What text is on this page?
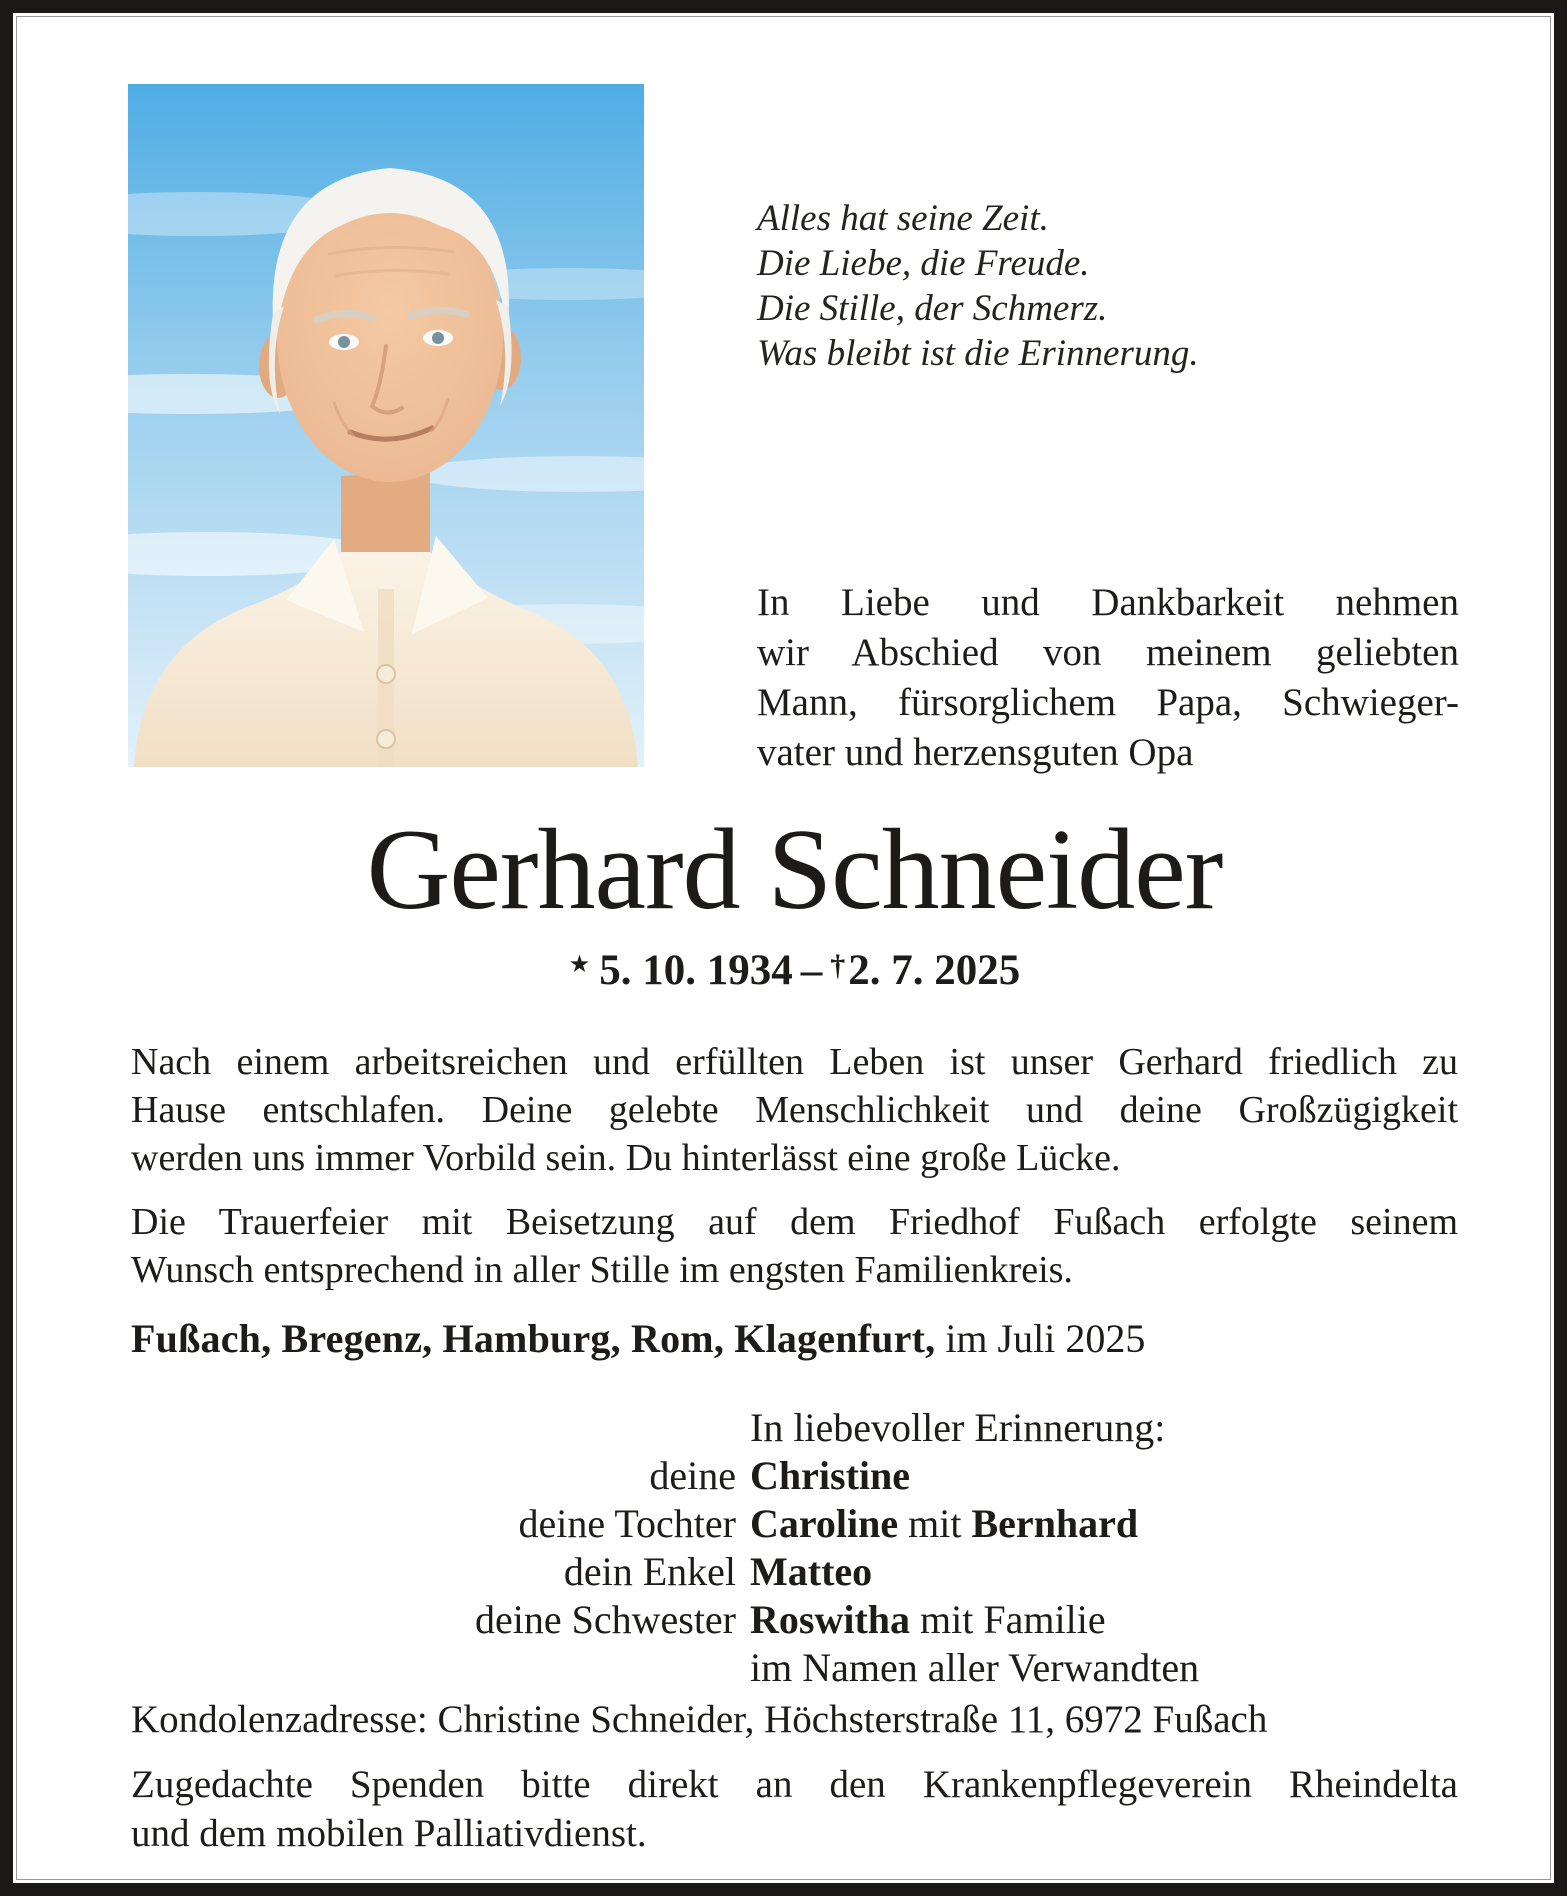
Alles hat seine Zeit.
Die Liebe, die Freude.
Die Stille, der Schmerz.
Was bleibt ist die Erinnerung.
In Liebe und Dankbarkeit nehmen
wir Abschied von meinem geliebten
Mann, fürsorglichem Papa, Schwieger-
vater und herzensguten Opa
Gerhard Schneider
★ 5. 10. 1934 – †2. 7. 2025
Nach einem arbeitsreichen und erfüllten Leben ist unser Gerhard friedlich zu
Hause entschlafen. Deine gelebte Menschlichkeit und deine Großzügigkeit
werden uns immer Vorbild sein. Du hinterlässt eine große Lücke.
Die Trauerfeier mit Beisetzung auf dem Friedhof Fußach erfolgte seinem
Wunsch entsprechend in aller Stille im engsten Familienkreis.
Fußach, Bregenz, Hamburg, Rom, Klagenfurt, im Juli 2025
In liebevoller Erinnerung:
deine Christine
deine Tochter Caroline mit Bernhard
dein Enkel Matteo
deine Schwester Roswitha mit Familie
im Namen aller Verwandten
Kondolenzadresse: Christine Schneider, Höchsterstraße 11, 6972 Fußach
Zugedachte Spenden bitte direkt an den Krankenpflegeverein Rheindelta
und dem mobilen Palliativdienst.
